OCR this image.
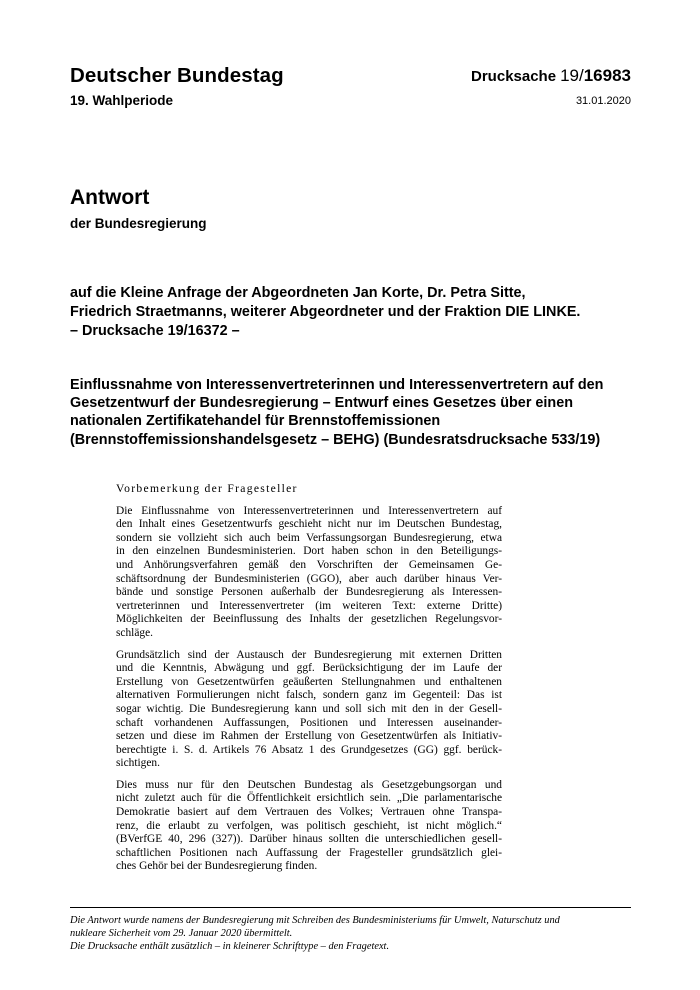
Deutscher Bundestag
19. Wahlperiode
Drucksache 19/16983
31.01.2020
Antwort
der Bundesregierung
auf die Kleine Anfrage der Abgeordneten Jan Korte, Dr. Petra Sitte,
Friedrich Straetmanns, weiterer Abgeordneter und der Fraktion DIE LINKE.
– Drucksache 19/16372 –
Einflussnahme von Interessenvertreterinnen und Interessenvertretern auf den
Gesetzentwurf der Bundesregierung – Entwurf eines Gesetzes über einen
nationalen Zertifikatehandel für Brennstoffemissionen
(Brennstoffemissionshandelsgesetz – BEHG) (Bundesratsdrucksache 533/19)
Vorbemerkung der Fragesteller
Die Einflussnahme von Interessenvertreterinnen und Interessenvertretern auf
den Inhalt eines Gesetzentwurfs geschieht nicht nur im Deutschen Bundestag,
sondern sie vollzieht sich auch beim Verfassungsorgan Bundesregierung, etwa
in den einzelnen Bundesministerien. Dort haben schon in den Beteiligungs-
und Anhörungsverfahren gemäß den Vorschriften der Gemeinsamen Ge-
schäftsordnung der Bundesministerien (GGO), aber auch darüber hinaus Ver-
bände und sonstige Personen außerhalb der Bundesregierung als Interessen-
vertreterinnen und Interessenvertreter (im weiteren Text: externe Dritte)
Möglichkeiten der Beeinflussung des Inhalts der gesetzlichen Regelungsvor-
schläge.
Grundsätzlich sind der Austausch der Bundesregierung mit externen Dritten
und die Kenntnis, Abwägung und ggf. Berücksichtigung der im Laufe der
Erstellung von Gesetzentwürfen geäußerten Stellungnahmen und enthaltenen
alternativen Formulierungen nicht falsch, sondern ganz im Gegenteil: Das ist
sogar wichtig. Die Bundesregierung kann und soll sich mit den in der Gesell-
schaft vorhandenen Auffassungen, Positionen und Interessen auseinander-
setzen und diese im Rahmen der Erstellung von Gesetzentwürfen als Initiativ-
berechtigte i. S. d. Artikels 76 Absatz 1 des Grundgesetzes (GG) ggf. berück-
sichtigen.
Dies muss nur für den Deutschen Bundestag als Gesetzgebungsorgan und
nicht zuletzt auch für die Öffentlichkeit ersichtlich sein. „Die parlamentarische
Demokratie basiert auf dem Vertrauen des Volkes; Vertrauen ohne Transpa-
renz, die erlaubt zu verfolgen, was politisch geschieht, ist nicht möglich.“
(BVerfGE 40, 296 (327)). Darüber hinaus sollten die unterschiedlichen gesell-
schaftlichen Positionen nach Auffassung der Fragesteller grundsätzlich glei-
ches Gehör bei der Bundesregierung finden.
Die Antwort wurde namens der Bundesregierung mit Schreiben des Bundesministeriums für Umwelt, Naturschutz und
nukleare Sicherheit vom 29. Januar 2020 übermittelt.
Die Drucksache enthält zusätzlich – in kleinerer Schrifttype – den Fragetext.
